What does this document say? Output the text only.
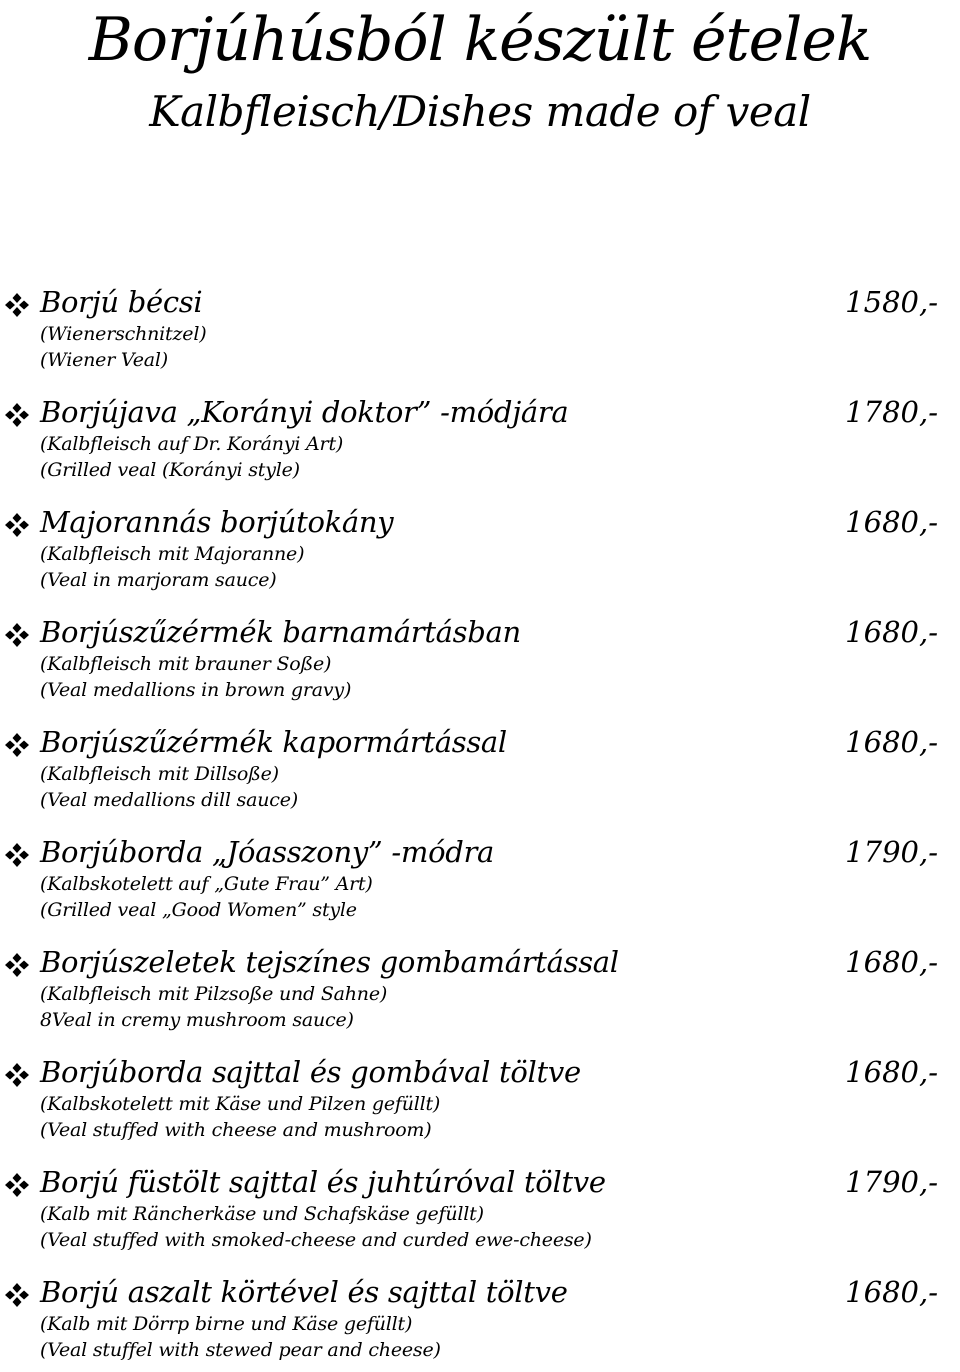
Borjúhúsból készült ételek
Kalbfleisch/Dishes made of veal
Borjú bécsi	1580,-
(Wienerschnitzel)
(Wiener Veal)
Borjújava „Korányi doktor” -módjára	1780,-
(Kalbfleisch auf Dr. Korányi Art)
(Grilled veal (Korányi style)
Majorannás borjútokány	1680,-
(Kalbfleisch mit Majoranne)
(Veal in marjoram sauce)
Borjúszűzérmék barnamártásban	1680,-
(Kalbfleisch mit brauner Soße)
(Veal medallions in brown gravy)
Borjúszűzérmék kapormártással	1680,-
(Kalbfleisch mit Dillsoße)
(Veal medallions dill sauce)
Borjúborda „Jóasszony” -módra	1790,-
(Kalbskotelett auf „Gute Frau” Art)
(Grilled veal „Good Women” style
Borjúszeletek tejszínes gombamártással	1680,-
(Kalbfleisch mit Pilzsoße und Sahne)
8Veal in cremy mushroom sauce)
Borjúborda sajttal és gombával töltve	1680,-
(Kalbskotelett mit Käse und Pilzen gefüllt)
(Veal stuffed with cheese and mushroom)
Borjú füstölt sajttal és juhtúróval töltve	1790,-
(Kalb mit Räncherkäse und Schafskäse gefüllt)
(Veal stuffed with smoked-cheese and curded ewe-cheese)
Borjú aszalt körtével és sajttal töltve	1680,-
(Kalb mit Dörrp birne und Käse gefüllt)
(Veal stuffel with stewed pear and cheese)
